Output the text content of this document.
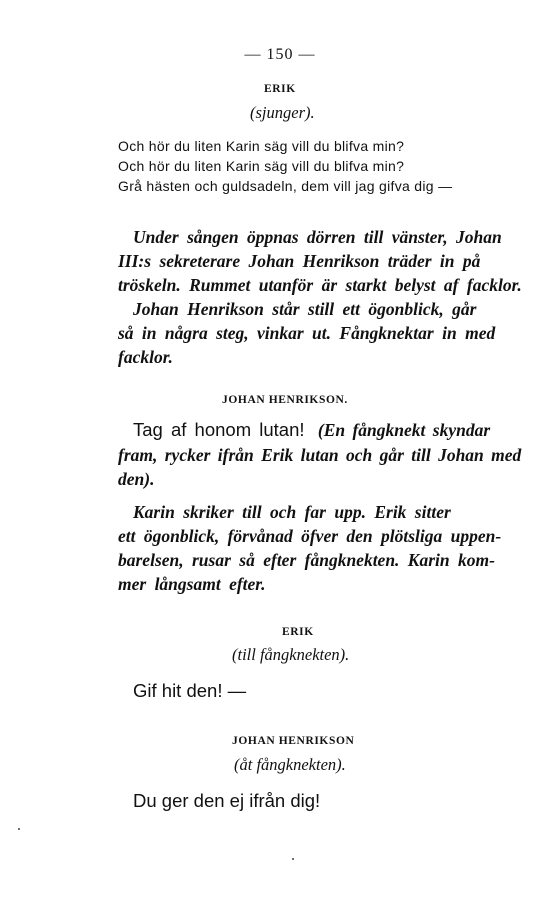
— 150 —
ERIK
(sjunger).
Och hör du liten Karin säg vill du blifva min?
Och hör du liten Karin säg vill du blifva min?
Grå hästen och guldsadeln, dem vill jag gifva dig —
Under sången öppnas dörren till vänster, Johan
III:s sekreterare Johan Henrikson träder in på
tröskeln. Rummet utanför är starkt belyst af facklor.
Johan Henrikson står still ett ögonblick, går
så in några steg, vinkar ut. Fångknektar in med
facklor.
JOHAN HENRIKSON.
Tag af honom lutan! (En fångknekt skyndar
fram, rycker ifrån Erik lutan och går till Johan med
den).
Karin skriker till och far upp. Erik sitter
ett ögonblick, förvånad öfver den plötsliga uppen-
barelsen, rusar så efter fångknekten. Karin kom-
mer långsamt efter.
ERIK
(till fångknekten).
Gif hit den! —
JOHAN HENRIKSON
(åt fångknekten).
Du ger den ej ifrån dig!
